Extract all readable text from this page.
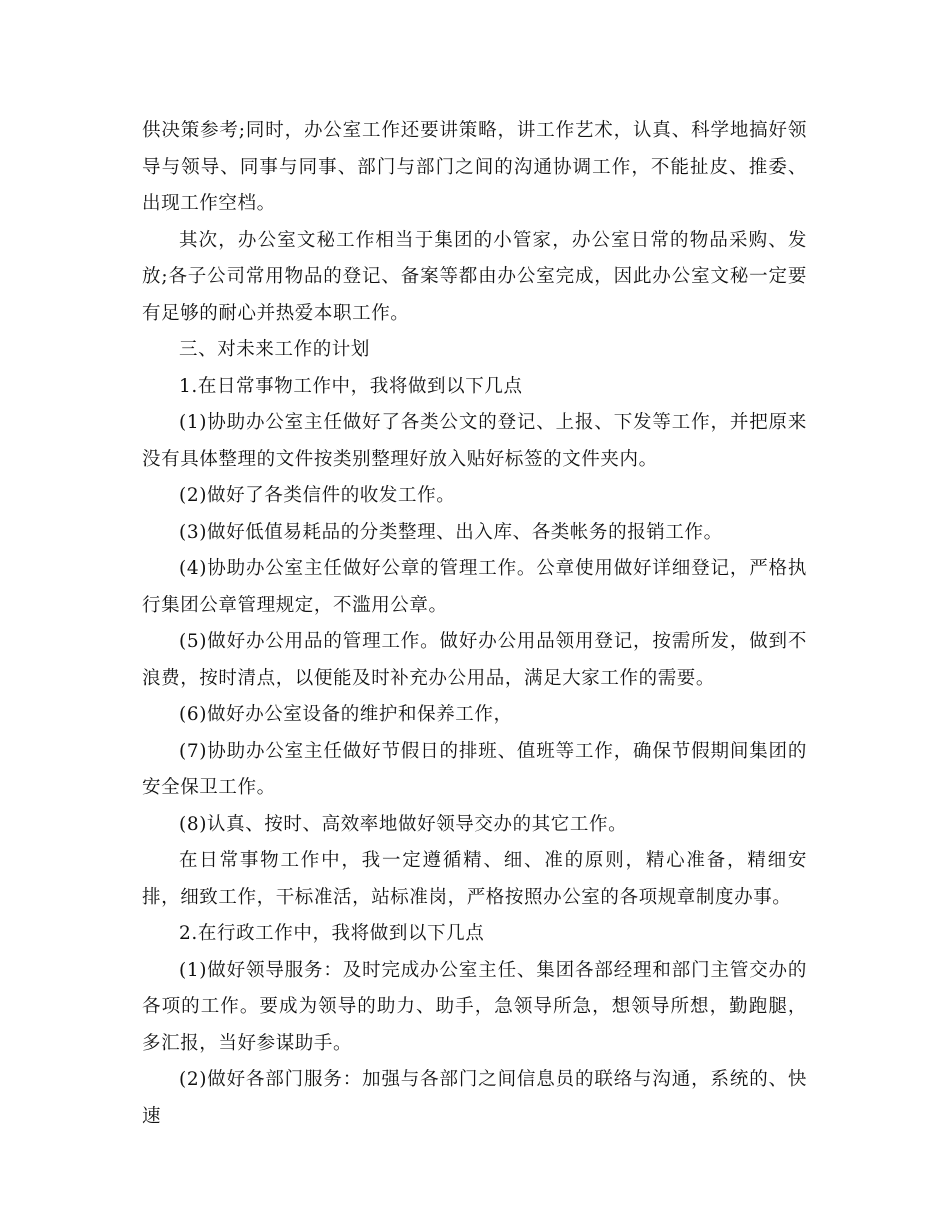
供决策参考;同时，办公室工作还要讲策略，讲工作艺术，认真、科学地搞好领导与领导、同事与同事、部门与部门之间的沟通协调工作，不能扯皮、推委、出现工作空档。

其次，办公室文秘工作相当于集团的小管家，办公室日常的物品采购、发放;各子公司常用物品的登记、备案等都由办公室完成，因此办公室文秘一定要有足够的耐心并热爱本职工作。

三、对未来工作的计划

1.在日常事物工作中，我将做到以下几点

(1)协助办公室主任做好了各类公文的登记、上报、下发等工作，并把原来没有具体整理的文件按类别整理好放入贴好标签的文件夹内。

(2)做好了各类信件的收发工作。

(3)做好低值易耗品的分类整理、出入库、各类帐务的报销工作。

(4)协助办公室主任做好公章的管理工作。公章使用做好详细登记，严格执行集团公章管理规定，不滥用公章。

(5)做好办公用品的管理工作。做好办公用品领用登记，按需所发，做到不浪费，按时清点，以便能及时补充办公用品，满足大家工作的需要。

(6)做好办公室设备的维护和保养工作，

(7)协助办公室主任做好节假日的排班、值班等工作，确保节假期间集团的安全保卫工作。

(8)认真、按时、高效率地做好领导交办的其它工作。

在日常事物工作中，我一定遵循精、细、准的原则，精心准备，精细安排，细致工作，干标准活，站标准岗，严格按照办公室的各项规章制度办事。

2.在行政工作中，我将做到以下几点

(1)做好领导服务：及时完成办公室主任、集团各部经理和部门主管交办的各项的工作。要成为领导的助力、助手，急领导所急，想领导所想，勤跑腿，多汇报，当好参谋助手。

(2)做好各部门服务：加强与各部门之间信息员的联络与沟通，系统的、快速
